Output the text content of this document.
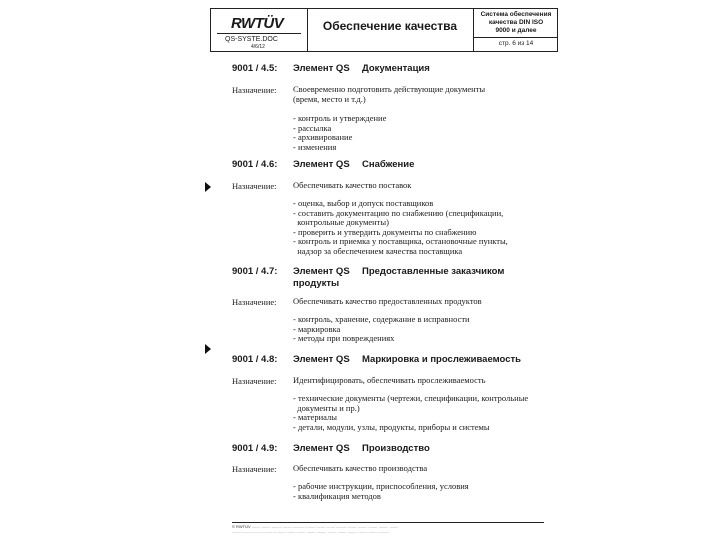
RWTÜV
QS-SYSTE.DOC
4/6/12
Обеспечение качества
Система обеспечения
качества DIN ISO
9000 и далее
стр. 6 из 14
9001 / 4.5: Элемент QS Документация
Назначение: Своевременно подготовить действующие документы
(время, место и т.д.)
- контроль и утверждение
- рассылка
- архивирование
- изменения
9001 / 4.6: Элемент QS Снабжение
Назначение: Обеспечивать качество поставок
- оценка, выбор и допуск поставщиков
- составить документацию по снабжению (спецификации,
контрольные документы)
- проверить и утвердить документы по снабжению
- контроль и приемка у поставщика, остановочные пункты,
надзор за обеспечением качества поставщика
9001 / 4.7: Элемент QS Предоставленные заказчиком
продукты
Назначение: Обеспечивать качество предоставленных продуктов
- контроль, хранение, содержание в исправности
- маркировка
- методы при повреждениях
9001 / 4.8: Элемент QS Маркировка и прослеживаемость
Назначение: Идентифицировать, обеспечивать прослеживаемость
- технические документы (чертежи, спецификации, контрольные
документы и пр.)
- материалы
- детали, модули, узлы, продукты, приборы и системы
9001 / 4.9: Элемент QS Производство
Назначение: Обеспечивать качество производства
- рабочие инструкции, приспособления, условия
- квалификация методов
© RWTÜV ........ ........ ......... ........ .......... ......... ........ ........ ......... ........ ........ ......... ......... ........
........ ........ ......... ........ .......... ......... ........ ........ ......... ........ ........ ......... ......... ........ ........
